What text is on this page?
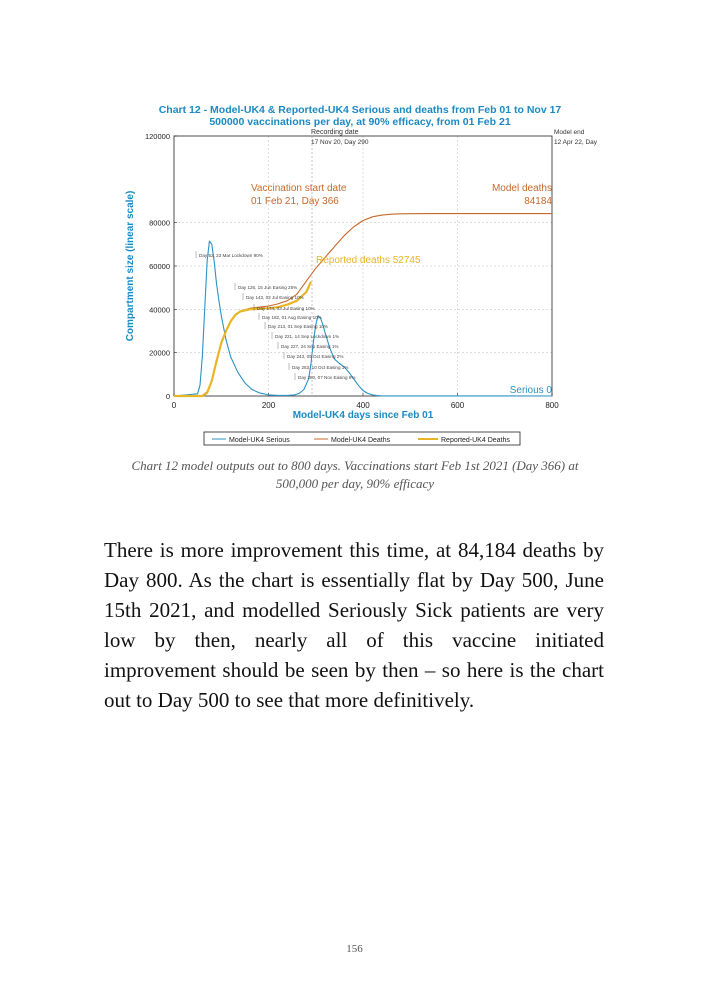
Chart 12 - Model-UK4 & Reported-UK4 Serious and deaths from Feb 01 to Nov 17
500000 vaccinations per day, at 90% efficacy, from 01 Feb 21
0
20000
40000
60000
80000
120000
0	200	400	600	800
Day 52, 23 Mar Lockdown 90%
Day 126, 15 Jun Easing 25%
Day 143, 02 Jul Easing 10%
Day 174, 03 Jul Easing 10%
Day 182, 01 Aug Easing 10%
Day 213, 01 Sep Easing 10%
Day 221, 14 Sep Lockdown 1%
Day 227, 24 Sep Easing 1%
Day 243, 05 Oct Easing 2%
Day 253, 10 Oct Easing 1%
Day 280, 07 Nov Easing 8%
Model-UK4 days since Feb 01
Compartment size (linear scale)
Recording date
17 Nov 20, Day 290
Model end
12 Apr 22, Day
Vaccination start date
01 Feb 21, Day 366
Model deaths
84184
Reported deaths 52745
Serious 0
Model-UK4 Serious	Model-UK4 Deaths	Reported-UK4 Deaths
Chart 12 model outputs out to 800 days. Vaccinations start Feb 1st 2021 (Day 366) at 500,000 per day, 90% efficacy
There is more improvement this time, at 84,184 deaths by Day 800. As the chart is essentially flat by Day 500, June 15th 2021, and modelled Seriously Sick patients are very low by then, nearly all of this vaccine initiated improvement should be seen by then – so here is the chart out to Day 500 to see that more definitively.
156
